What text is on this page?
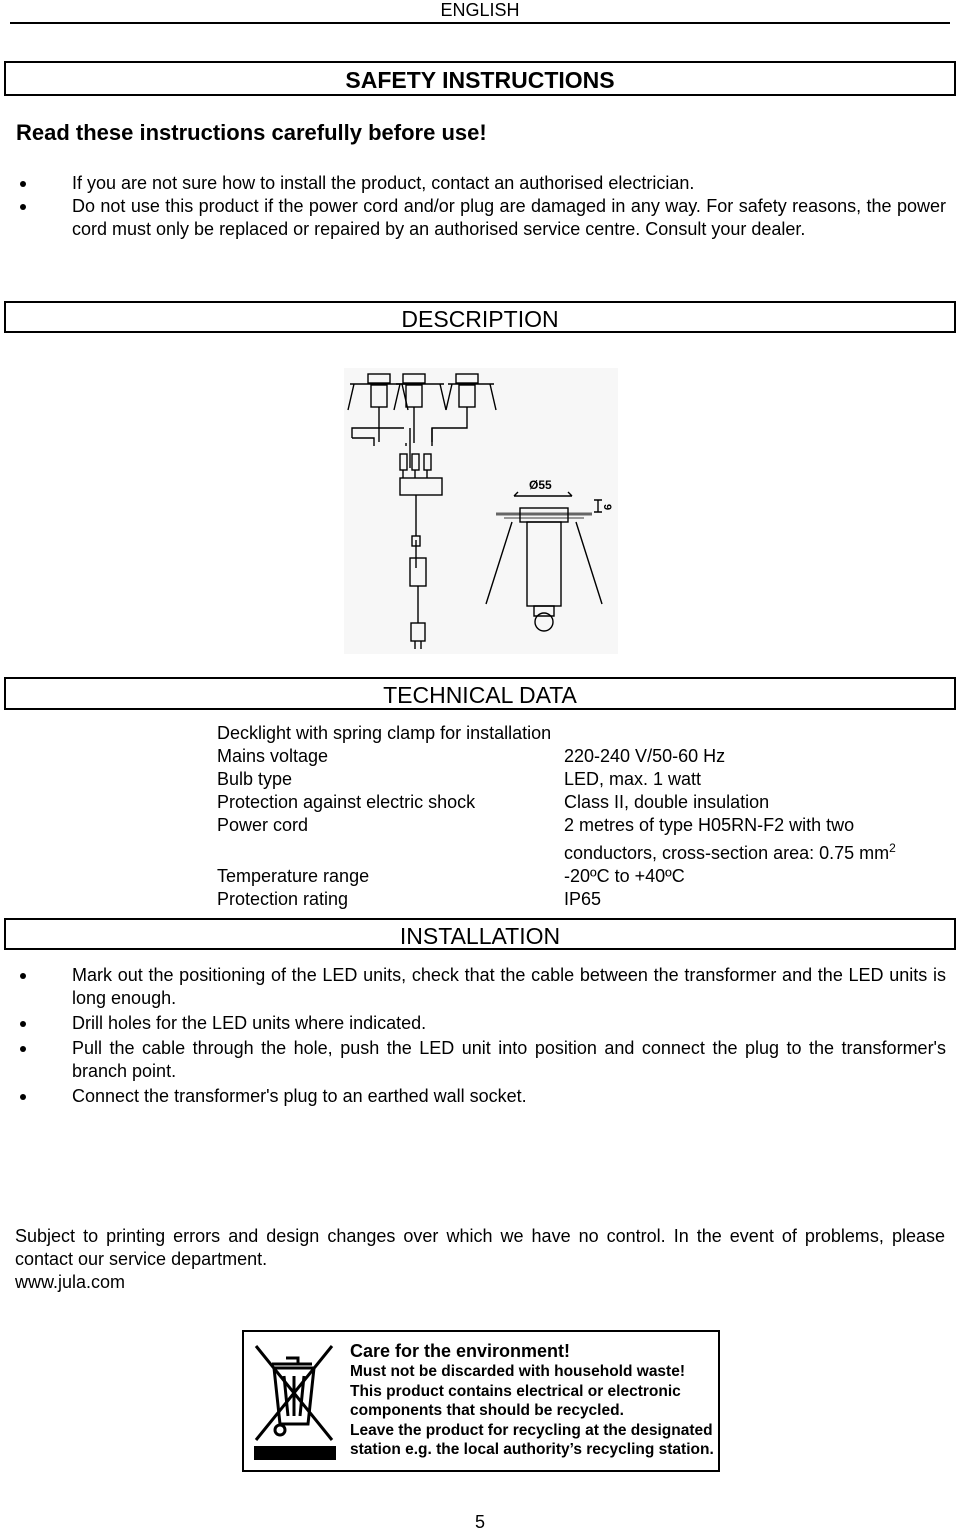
ENGLISH
SAFETY INSTRUCTIONS
Read these instructions carefully before use!
If you are not sure how to install the product, contact an authorised electrician.
Do not use this product if the power cord and/or plug are damaged in any way. For safety reasons, the power cord must only be replaced or repaired by an authorised service centre. Consult your dealer.
DESCRIPTION
Ø55
9
TECHNICAL DATA
Decklight with spring clamp for installation
Mains voltage	220-240 V/50-60 Hz
Bulb type	LED, max. 1 watt
Protection against electric shock	Class II, double insulation
Power cord	2 metres of type H05RN-F2 with two conductors, cross-section area: 0.75 $mm^2$
Temperature range	-20ºC to +40ºC
Protection rating	IP65
INSTALLATION
Mark out the positioning of the LED units, check that the cable between the transformer and the LED units is long enough.
Drill holes for the LED units where indicated.
Pull the cable through the hole, push the LED unit into position and connect the plug to the transformer's branch point.
Connect the transformer's plug to an earthed wall socket.
Subject to printing errors and design changes over which we have no control. In the event of problems, please contact our service department.
www.jula.com
Care for the environment!
Must not be discarded with household waste!
This product contains electrical or electronic
components that should be recycled.
Leave the product for recycling at the designated
station e.g. the local authority’s recycling station.
5
